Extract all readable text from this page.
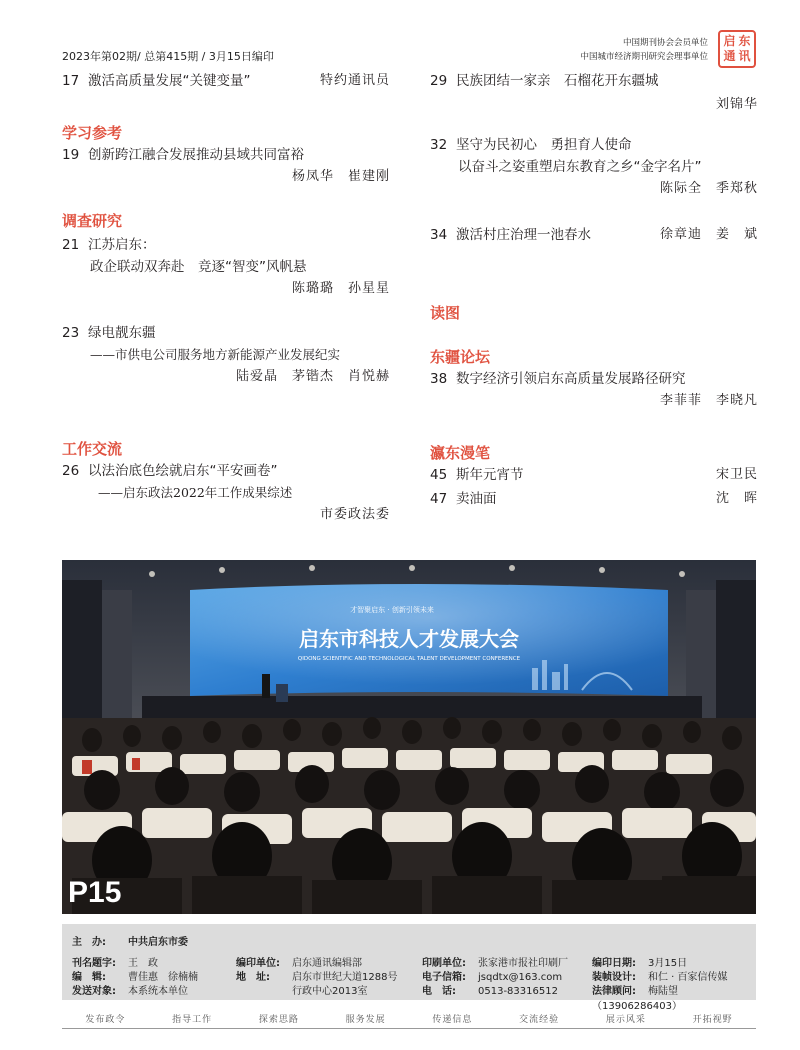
2023年第02期/ 总第415期 / 3月15日编印
中国期刊协会会员单位
中国城市经济期刊研究会理事单位
启 东
通 讯
17 激活高质量发展“关键变量”	特约通讯员
学习参考
19 创新跨江融合发展推动县域共同富裕
杨凤华　崔建刚
调查研究
21 江苏启东：
政企联动双奔赴　竞逐“智变”风帆悬
陈璐璐　孙星星
23 绿电靓东疆
——市供电公司服务地方新能源产业发展纪实
陆爱晶　茅锴杰　肖悦赫
工作交流
26 以法治底色绘就启东“平安画卷”
——启东政法2022年工作成果综述
市委政法委
29 民族团结一家亲　石榴花开东疆城
刘锦华
32 坚守为民初心　勇担育人使命
以奋斗之姿重塑启东教育之乡“金字名片”
陈际全　季郑秋
34 激活村庄治理一池春水	徐章迪　姜　斌
读图
东疆论坛
38 数字经济引领启东高质量发展路径研究
李菲菲　李晓凡
瀛东漫笔
45 斯年元宵节	宋卫民
47 卖油面	沈　晖
才智聚启东 · 创新引领未来
启东市科技人才发展大会
QIDONG SCIENTIFIC AND TECHNOLOGICAL TALENT DEVELOPMENT CONFERENCE
P15
主　办: 中共启东市委
刊名题字: 王　政
编　辑: 曹佳惠　徐楠楠
发送对象: 本系统本单位
编印单位: 启东通讯编辑部
地　址: 启东市世纪大道1288号
行政中心2013室
印刷单位: 张家港市报社印刷厂
电子信箱: jsqdtx@163.com
电　话: 0513-83316512
编印日期: 3月15日
装帧设计: 和仁 · 百家信传媒
法律顾问: 梅陆望（13906286403）
发布政令	指导工作	探索思路	服务发展	传递信息	交流经验	展示风采	开拓视野
